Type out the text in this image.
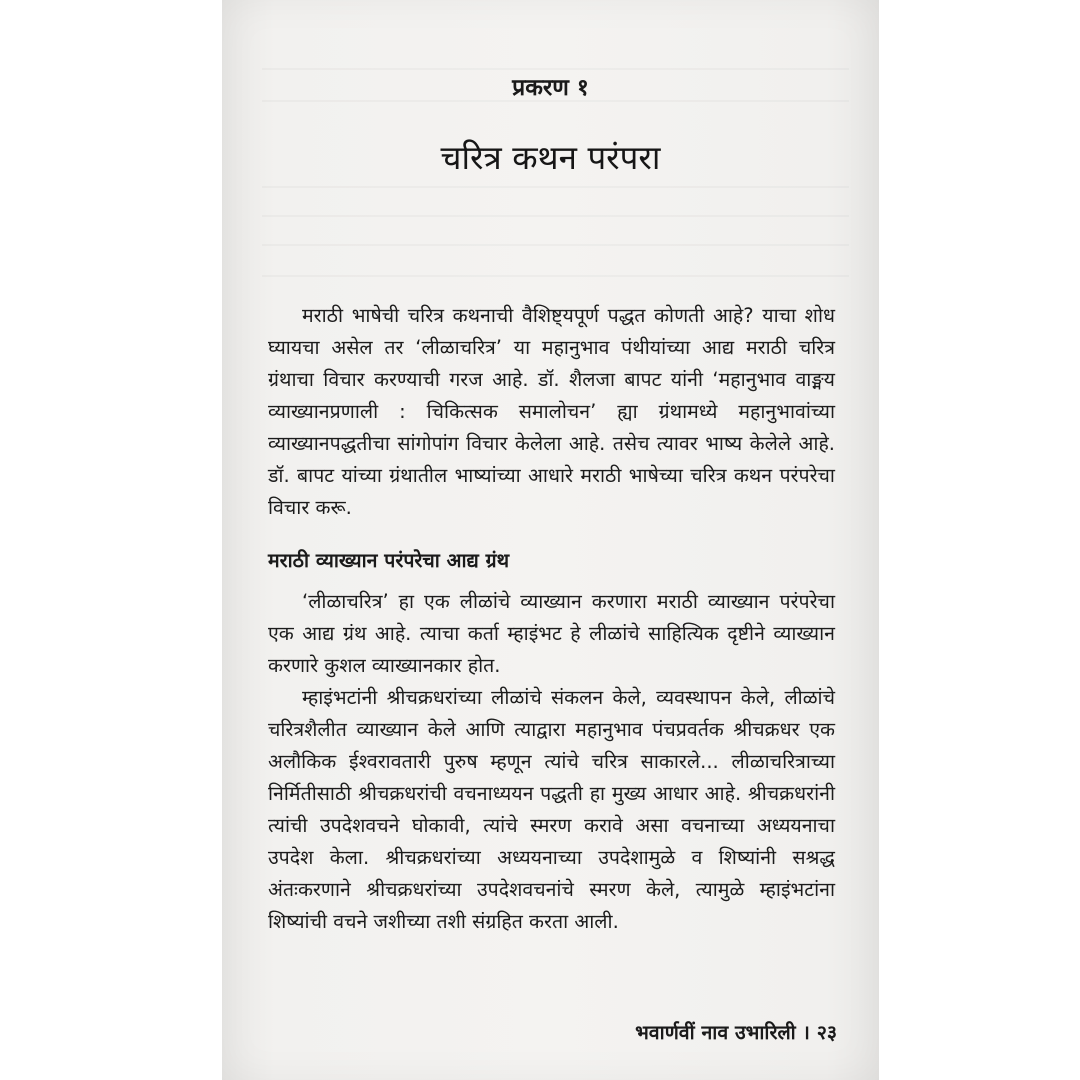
प्रकरण १
चरित्र कथन परंपरा

मराठी भाषेची चरित्र कथनाची वैशिष्ट्यपूर्ण पद्धत कोणती आहे? याचा शोध घ्यायचा असेल तर ‘लीळाचरित्र’ या महानुभाव पंथीयांच्या आद्य मराठी चरित्र ग्रंथाचा विचार करण्याची गरज आहे. डॉ. शैलजा बापट यांनी ‘महानुभाव वाङ्मय व्याख्यानप्रणाली : चिकित्सक समालोचन’ ह्या ग्रंथामध्ये महानुभावांच्या व्याख्यानपद्धतीचा सांगोपांग विचार केलेला आहे. तसेच त्यावर भाष्य केलेले आहे. डॉ. बापट यांच्या ग्रंथातील भाष्यांच्या आधारे मराठी भाषेच्या चरित्र कथन परंपरेचा विचार करू.

मराठी व्याख्यान परंपरेचा आद्य ग्रंथ

‘लीळाचरित्र’ हा एक लीळांचे व्याख्यान करणारा मराठी व्याख्यान परंपरेचा एक आद्य ग्रंथ आहे. त्याचा कर्ता म्हाइंभट हे लीळांचे साहित्यिक दृष्टीने व्याख्यान करणारे कुशल व्याख्यानकार होत.

म्हाइंभटांनी श्रीचक्रधरांच्या लीळांचे संकलन केले, व्यवस्थापन केले, लीळांचे चरित्रशैलीत व्याख्यान केले आणि त्याद्वारा महानुभाव पंचप्रवर्तक श्रीचक्रधर एक अलौकिक ईश्वरावतारी पुरुष म्हणून त्यांचे चरित्र साकारले... लीळाचरित्राच्या निर्मितीसाठी श्रीचक्रधरांची वचनाध्ययन पद्धती हा मुख्य आधार आहे. श्रीचक्रधरांनी त्यांची उपदेशवचने घोकावी, त्यांचे स्मरण करावे असा वचनाच्या अध्ययनाचा उपदेश केला. श्रीचक्रधरांच्या अध्ययनाच्या उपदेशामुळे व शिष्यांनी सश्रद्ध अंतःकरणाने श्रीचक्रधरांच्या उपदेशवचनांचे स्मरण केले, त्यामुळे म्हाइंभटांना शिष्यांची वचने जशीच्या तशी संग्रहित करता आली.

भवार्णवीं नाव उभारिली । २३
